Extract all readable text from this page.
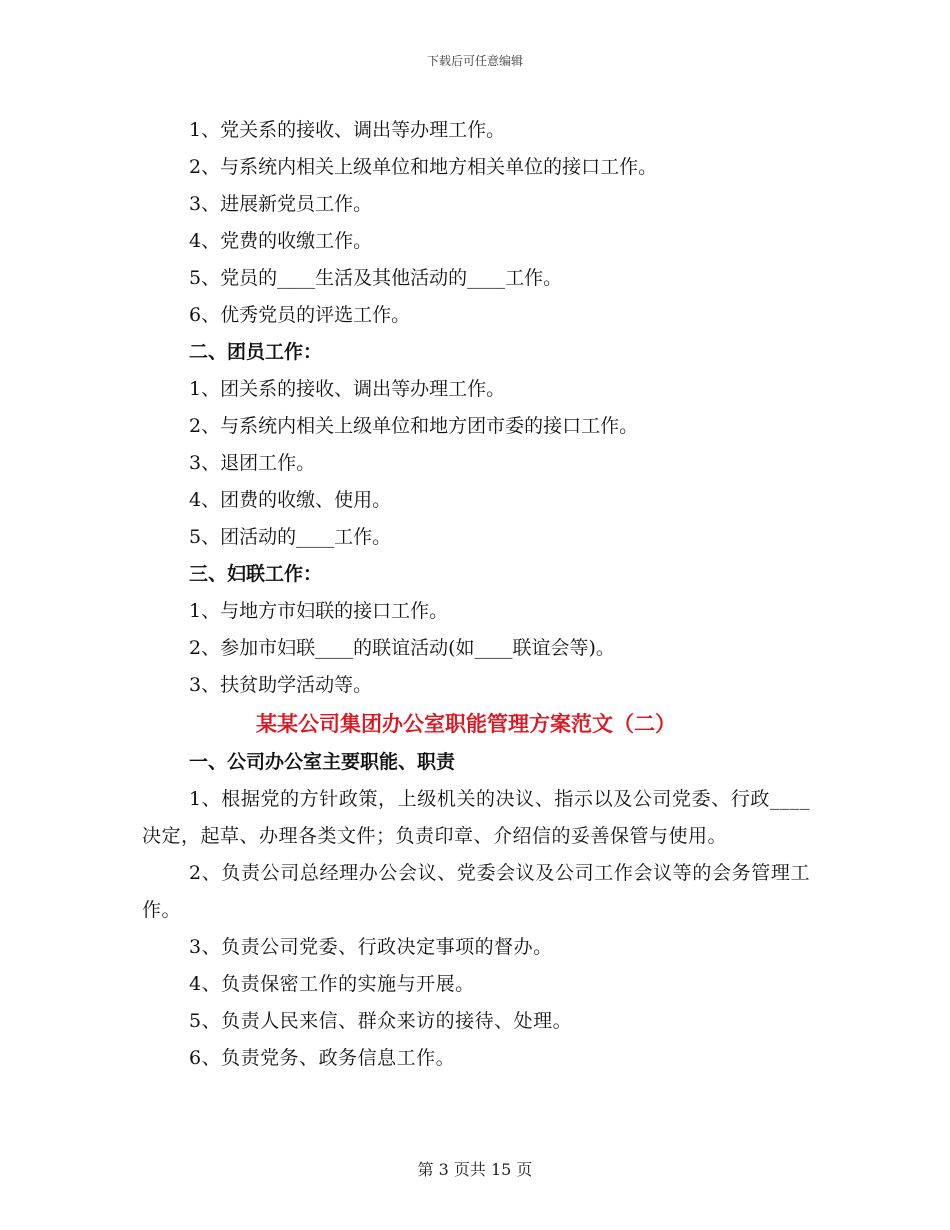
下载后可任意编辑
1、党关系的接收、调出等办理工作。
2、与系统内相关上级单位和地方相关单位的接口工作。
3、进展新党员工作。
4、党费的收缴工作。
5、党员的____生活及其他活动的____工作。
6、优秀党员的评选工作。
二、团员工作：
1、团关系的接收、调出等办理工作。
2、与系统内相关上级单位和地方团市委的接口工作。
3、退团工作。
4、团费的收缴、使用。
5、团活动的____工作。
三、妇联工作：
1、与地方市妇联的接口工作。
2、参加市妇联____的联谊活动(如____联谊会等)。
3、扶贫助学活动等。
某某公司集团办公室职能管理方案范文（二）
一、公司办公室主要职能、职责
1、根据党的方针政策，上级机关的决议、指示以及公司党委、行政____决定，起草、办理各类文件；负责印章、介绍信的妥善保管与使用。
2、负责公司总经理办公会议、党委会议及公司工作会议等的会务管理工作。
3、负责公司党委、行政决定事项的督办。
4、负责保密工作的实施与开展。
5、负责人民来信、群众来访的接待、处理。
6、负责党务、政务信息工作。
第 3 页共 15 页
